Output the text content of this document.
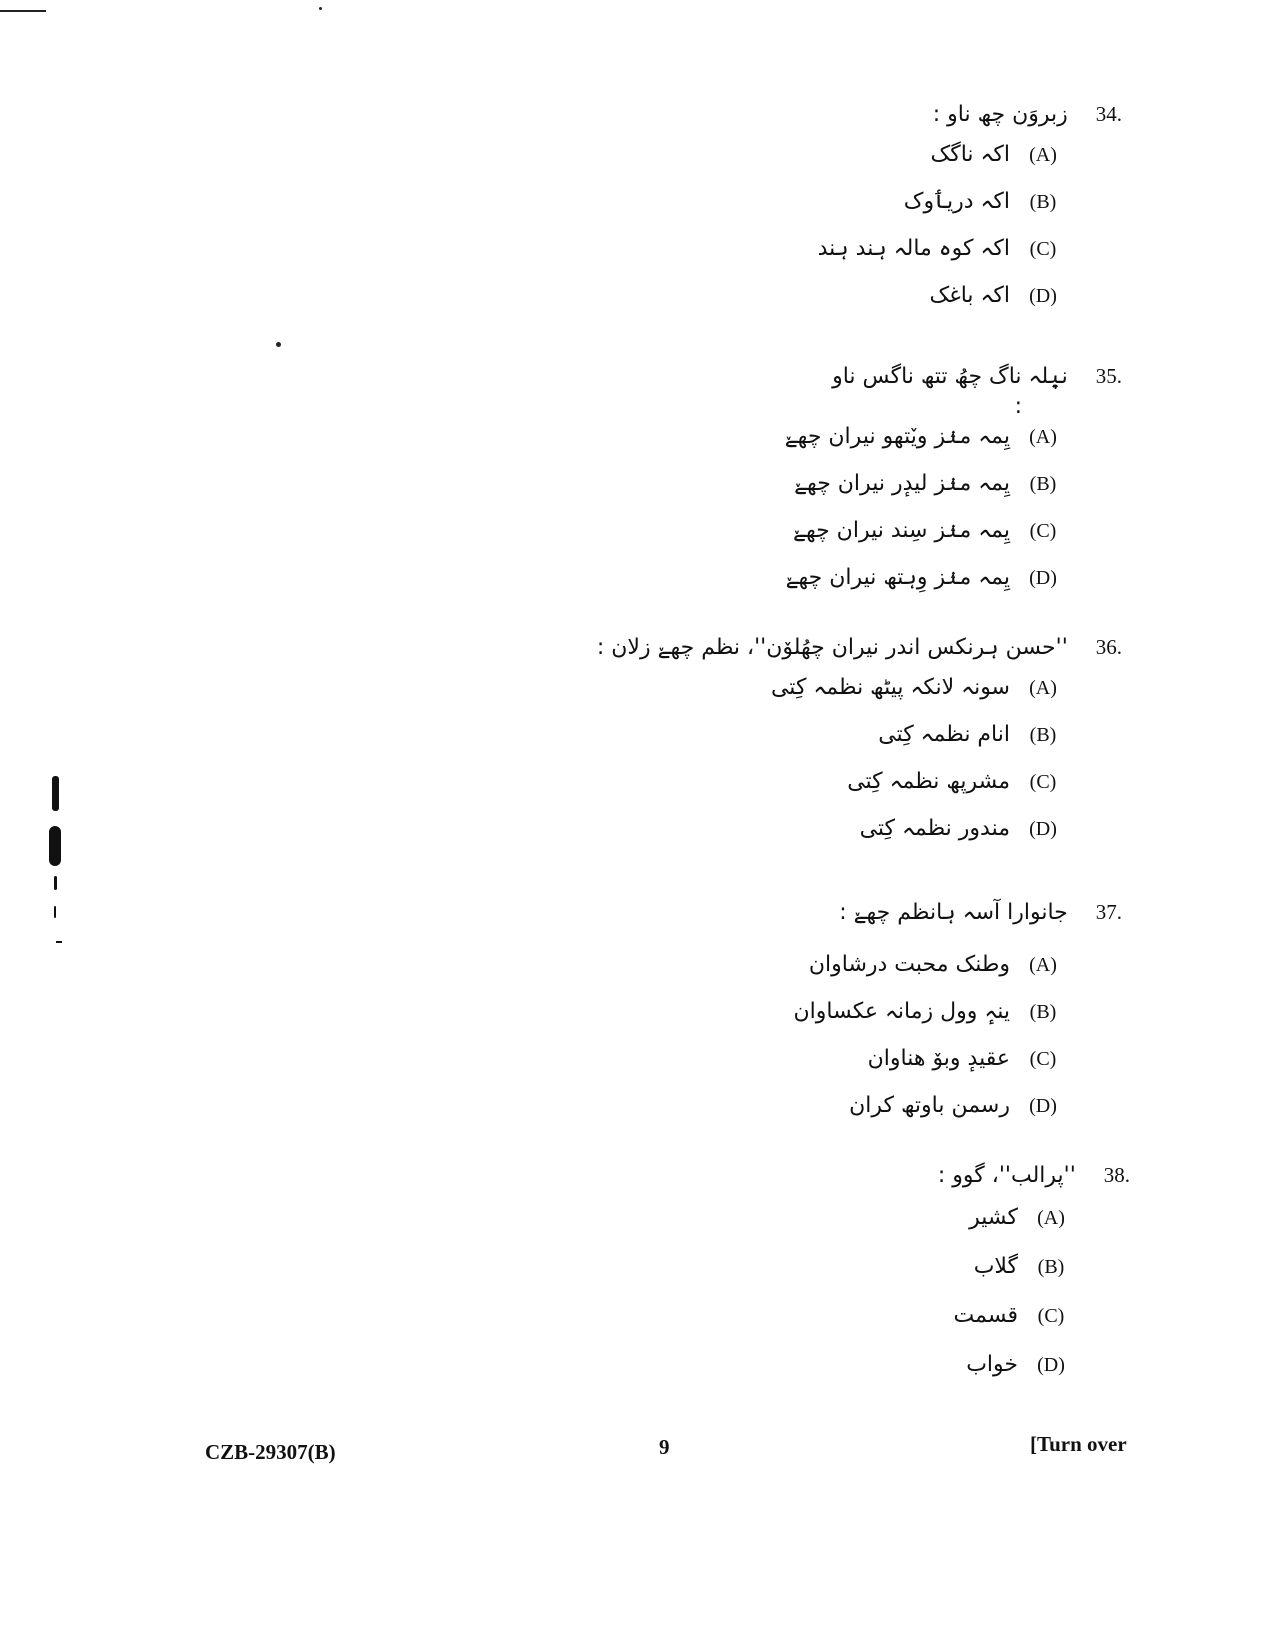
34.
زبروَن چھ ناو :
(A)
اکہ ناگک
(B)
اکہ دریٲوک
(C)
اکہ کوہ مالہ ہند ہند
(D)
اکہ باغک
35.
نیٖلہ ناگ چھُ تتھ ناگس ناو
:
(A)
یِمہ منٛز ویٚتھو نیران چھےٚ
(B)
یِمہ منٛز لیدٕر نیران چھےٚ
(C)
یِمہ منٛز سِند نیران چھےٚ
(D)
یِمہ منٛز وِہتھ نیران چھےٚ
36.
''حسن ہرنکس اندر نیران چھُلوٚن''، نظم چھےٚ زلان :
(A)
سونہ لانکہ پیٹھ نظمہ کِتی
(B)
انام نظمہ کِتی
(C)
مشرپھ نظمہ کِتی
(D)
مندور نظمہ کِتی
37.
جانوارا آسہ ہانظم چھےٚ :
(A)
وطنک محبت درشاوان
(B)
ینہٕ وول زمانہ عکساوان
(C)
عقیدٕ وبوٚ ھناوان
(D)
رسمن باوتھ کران
38.
''پرالب''، گوو :
(A)
کشیر
(B)
گلاب
(C)
قسمت
(D)
خواب
CZB-29307(B)	9	[Turn over
